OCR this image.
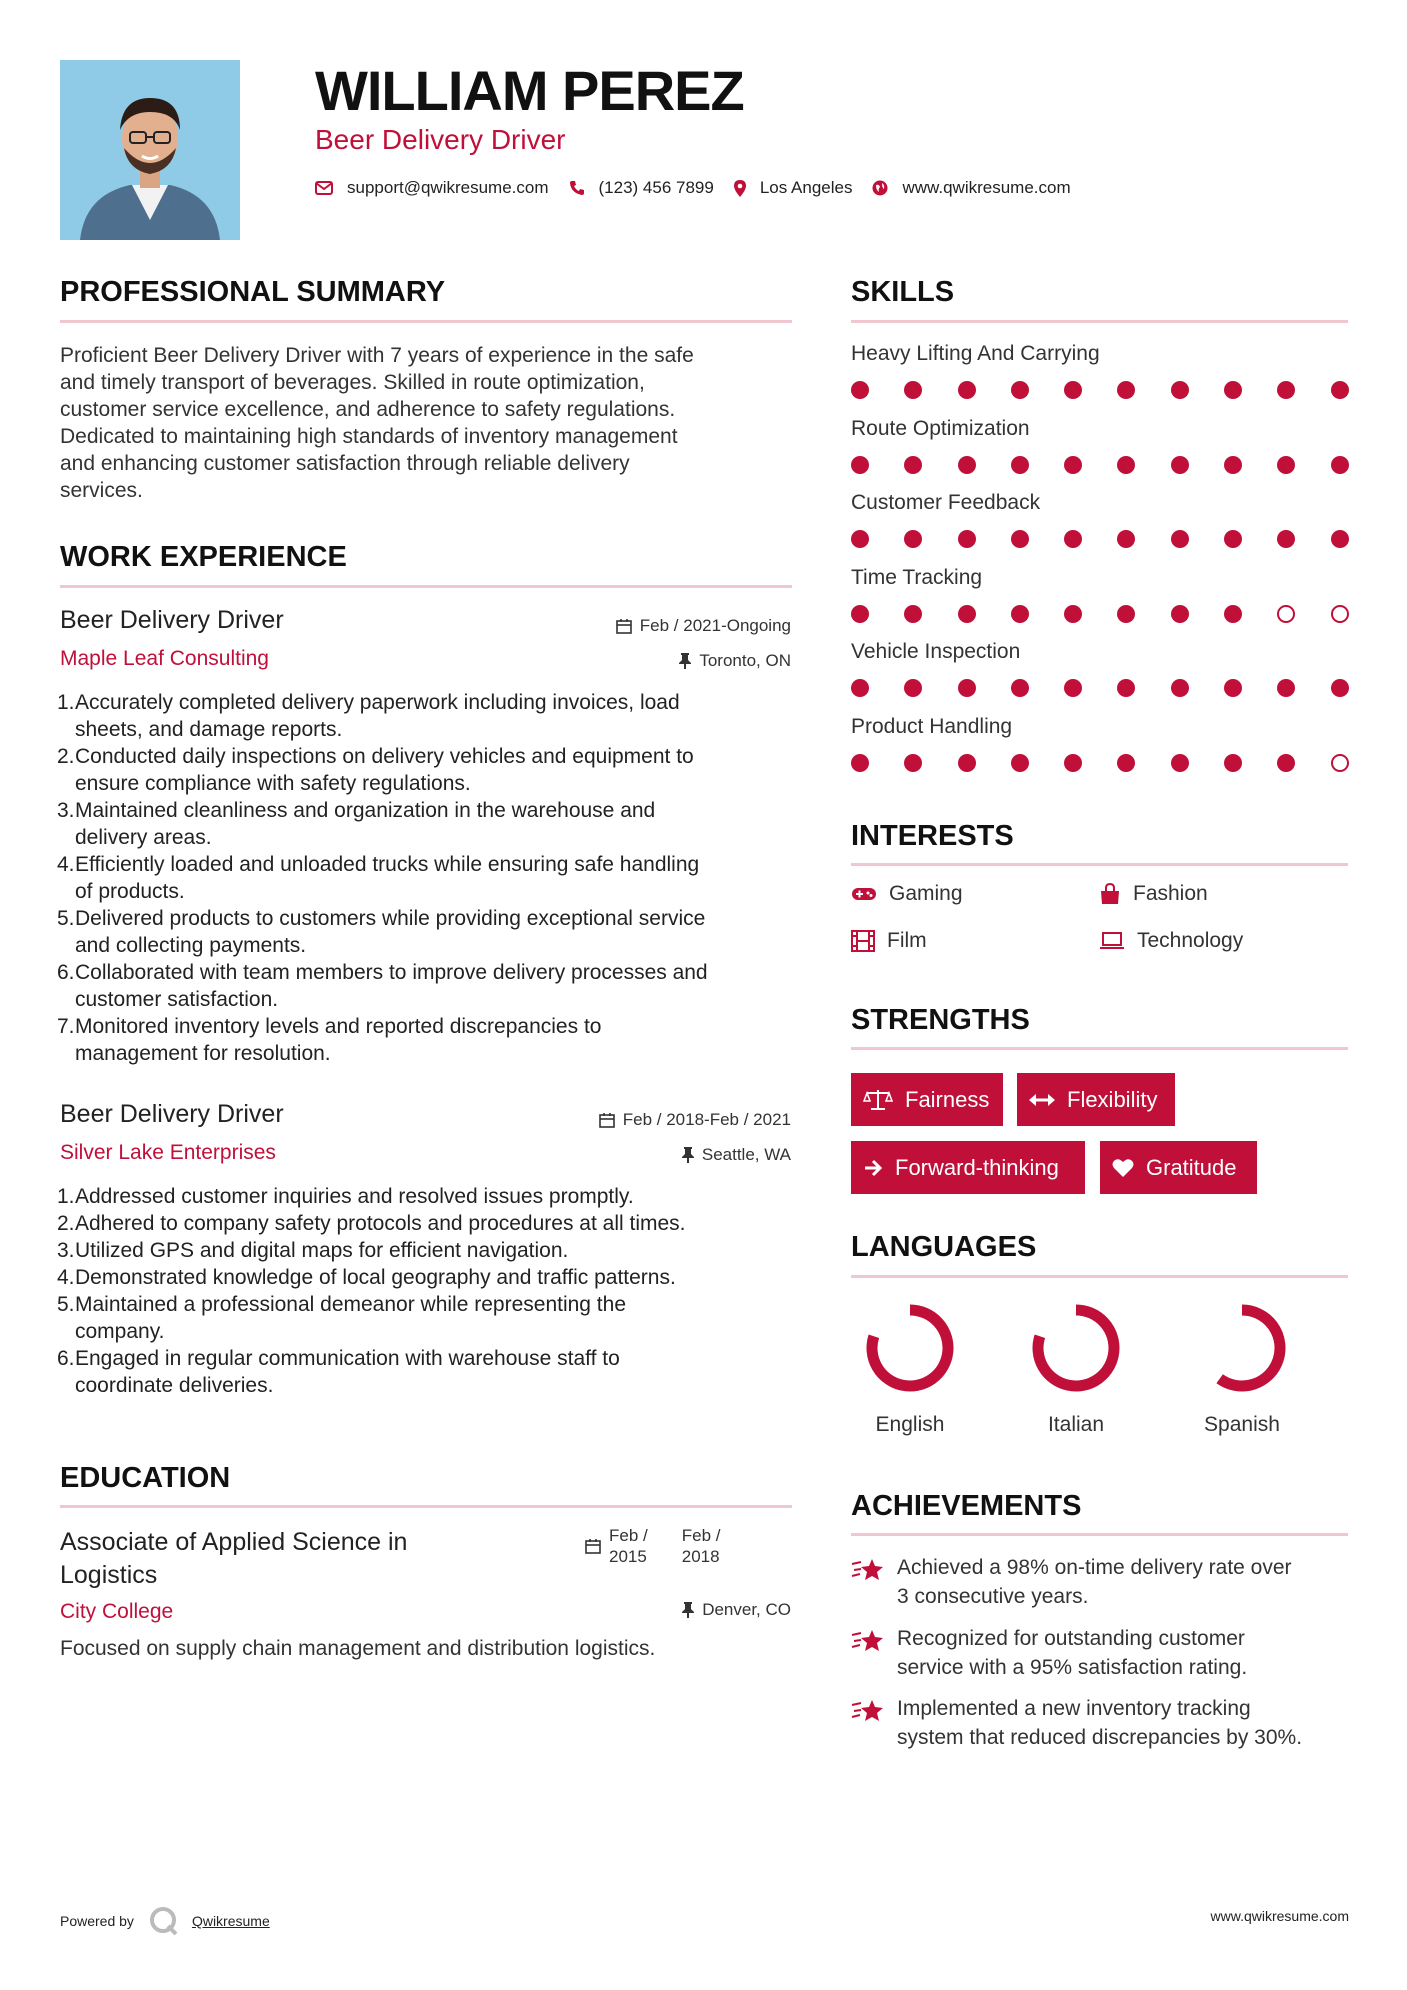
WILLIAM PEREZ
Beer Delivery Driver
support@qwikresume.com	(123) 456 7899	Los Angeles	www.qwikresume.com
PROFESSIONAL SUMMARY
Proficient Beer Delivery Driver with 7 years of experience in the safe
and timely transport of beverages. Skilled in route optimization,
customer service excellence, and adherence to safety regulations.
Dedicated to maintaining high standards of inventory management
and enhancing customer satisfaction through reliable delivery
services.
WORK EXPERIENCE
Beer Delivery Driver
Maple Leaf Consulting
Feb / 2021-Ongoing
Toronto, ON
1. Accurately completed delivery paperwork including invoices, load
sheets, and damage reports.
2. Conducted daily inspections on delivery vehicles and equipment to
ensure compliance with safety regulations.
3. Maintained cleanliness and organization in the warehouse and
delivery areas.
4. Efficiently loaded and unloaded trucks while ensuring safe handling
of products.
5. Delivered products to customers while providing exceptional service
and collecting payments.
6. Collaborated with team members to improve delivery processes and
customer satisfaction.
7. Monitored inventory levels and reported discrepancies to
management for resolution.
Beer Delivery Driver
Silver Lake Enterprises
Feb / 2018-Feb / 2021
Seattle, WA
1. Addressed customer inquiries and resolved issues promptly.
2. Adhered to company safety protocols and procedures at all times.
3. Utilized GPS and digital maps for efficient navigation.
4. Demonstrated knowledge of local geography and traffic patterns.
5. Maintained a professional demeanor while representing the
company.
6. Engaged in regular communication with warehouse staff to
coordinate deliveries.
EDUCATION
Associate of Applied Science in
Logistics
City College
Feb /
2015
Feb /
2018
Denver, CO
Focused on supply chain management and distribution logistics.
SKILLS
Heavy Lifting And Carrying
Route Optimization
Customer Feedback
Time Tracking
Vehicle Inspection
Product Handling
INTERESTS
Gaming	Fashion
Film	Technology
STRENGTHS
Fairness	Flexibility
Forward-thinking	Gratitude
LANGUAGES
English	Italian	Spanish
ACHIEVEMENTS
Achieved a 98% on-time delivery rate over
3 consecutive years.
Recognized for outstanding customer
service with a 95% satisfaction rating.
Implemented a new inventory tracking
system that reduced discrepancies by 30%.
Powered by	Qwikresume	www.qwikresume.com
